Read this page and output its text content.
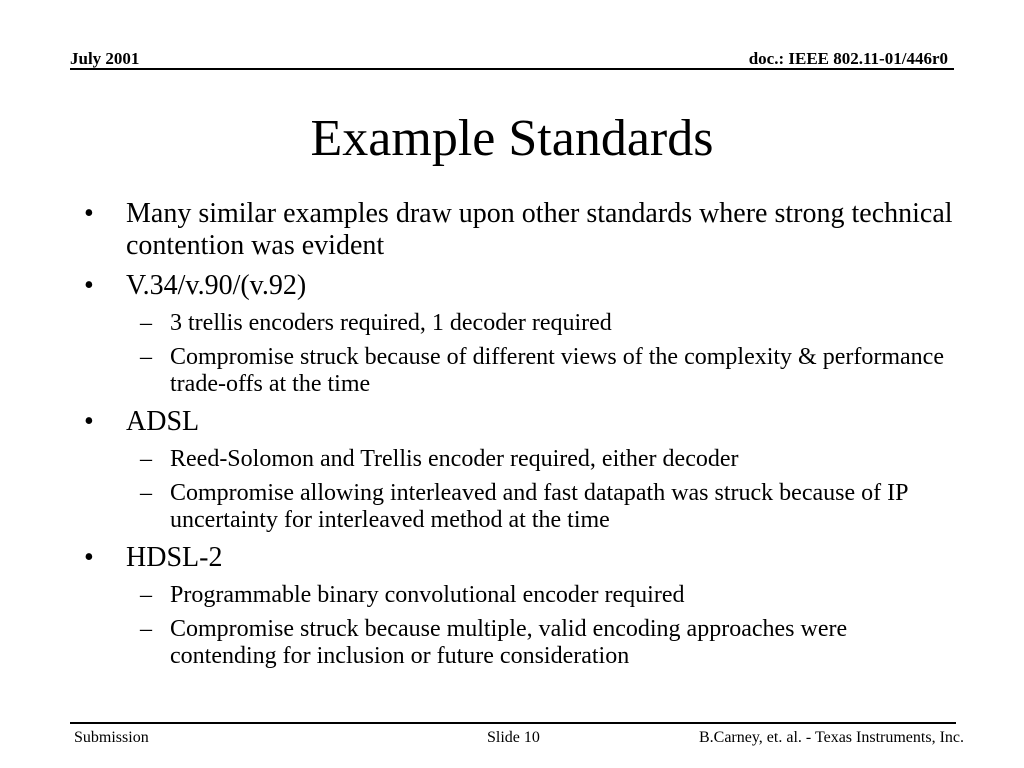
July 2001	doc.: IEEE 802.11-01/446r0
Example Standards
•	Many similar examples draw upon other standards where strong technical contention was evident
•	V.34/v.90/(v.92)
– 3 trellis encoders required, 1 decoder required
– Compromise struck because of different views of the complexity & performance trade-offs at the time
•	ADSL
– Reed-Solomon and Trellis encoder required, either decoder
– Compromise allowing interleaved and fast datapath was struck because of IP uncertainty for interleaved method at the time
•	HDSL-2
– Programmable binary convolutional encoder required
– Compromise struck because multiple, valid encoding approaches were contending for inclusion or future consideration
Submission	Slide 10	B.Carney, et. al. - Texas Instruments, Inc.
